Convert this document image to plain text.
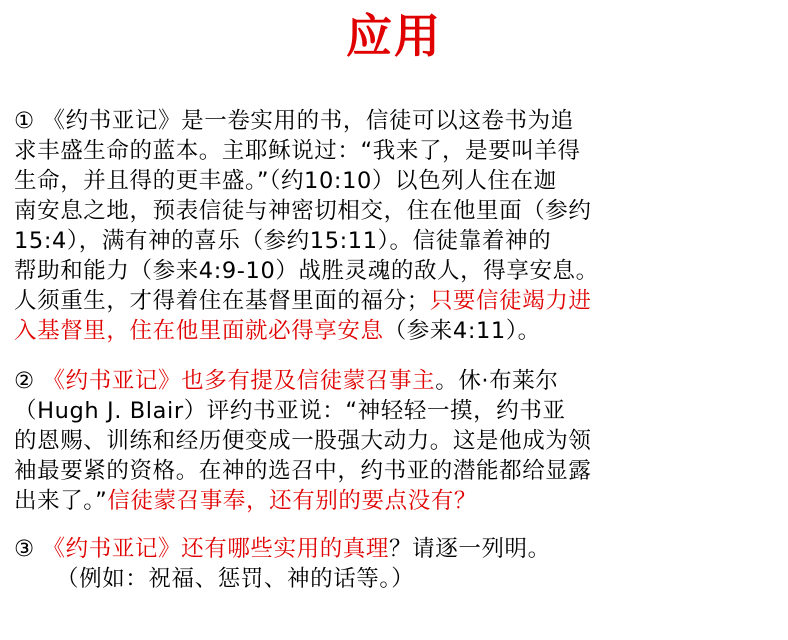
应用
① 《约书亚记》是一卷实用的书，信徒可以这卷书为追
求丰盛生命的蓝本。主耶稣说过：“我来了，是要叫羊得
生命，并且得的更丰盛。”（约10:10）以色列人住在迦
南安息之地，预表信徒与神密切相交，住在他里面（参约
15:4），满有神的喜乐（参约15:11）。信徒靠着神的
帮助和能力（参来4:9-10）战胜灵魂的敌人，得享安息。
人须重生，才得着住在基督里面的福分；只要信徒竭力进
入基督里，住在他里面就必得享安息（参来4:11）。
② 《约书亚记》也多有提及信徒蒙召事主。休·布莱尔
（Hugh J. Blair）评约书亚说：“神轻轻一摸，约书亚
的恩赐、训练和经历便变成一股强大动力。这是他成为领
袖最要紧的资格。在神的选召中，约书亚的潜能都给显露
出来了。”信徒蒙召事奉，还有别的要点没有？
③ 《约书亚记》还有哪些实用的真理？请逐一列明。
（例如：祝福、惩罚、神的话等。）
